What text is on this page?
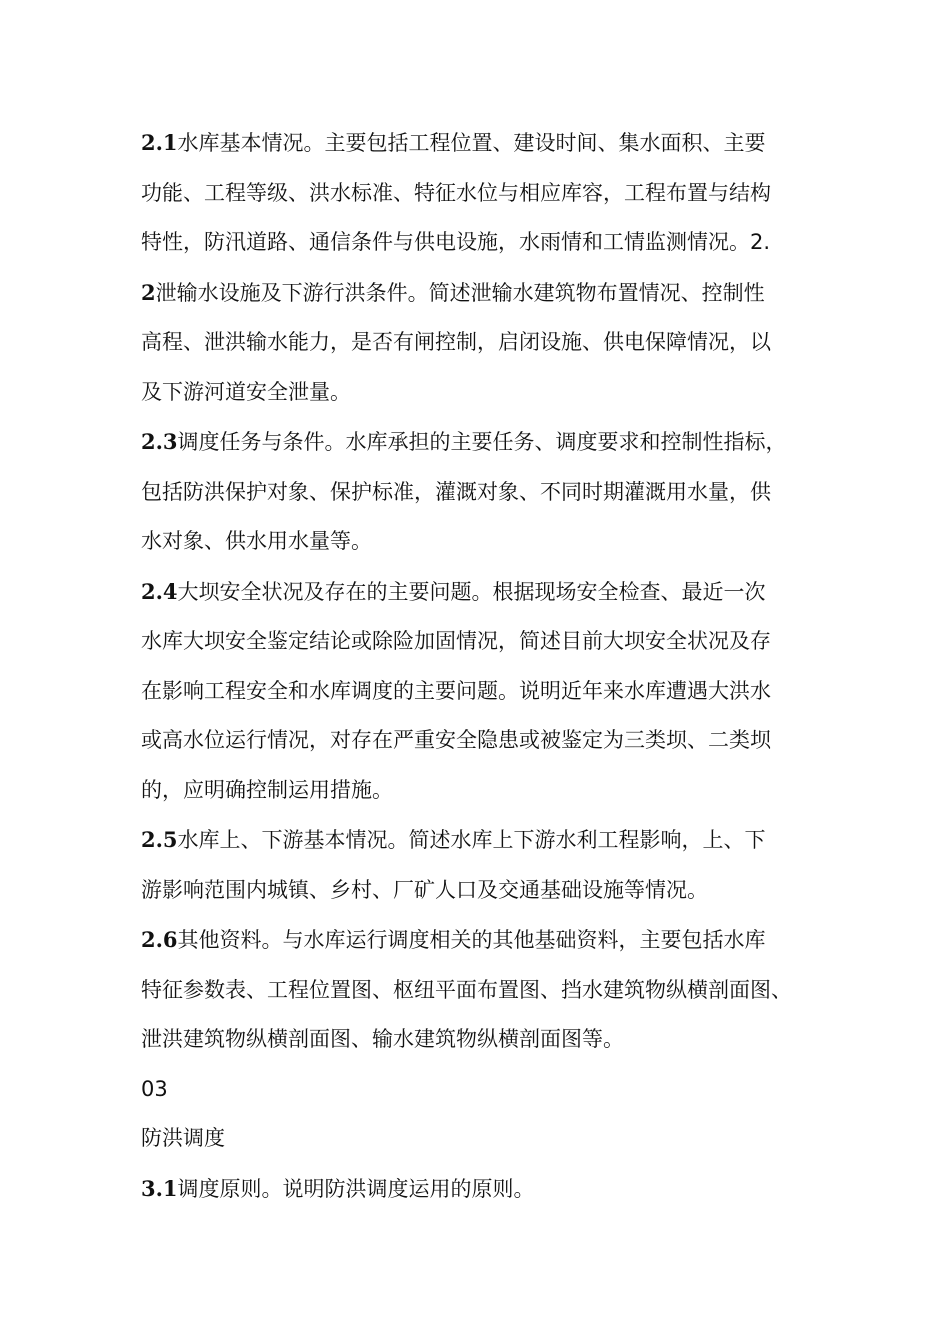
2.1水库基本情况。主要包括工程位置、建设时间、集水面积、主要
功能、工程等级、洪水标准、特征水位与相应库容，工程布置与结构
特性，防汛道路、通信条件与供电设施，水雨情和工情监测情况。2.
2泄输水设施及下游行洪条件。简述泄输水建筑物布置情况、控制性
高程、泄洪输水能力，是否有闸控制，启闭设施、供电保障情况，以
及下游河道安全泄量。
2.3调度任务与条件。水库承担的主要任务、调度要求和控制性指标，
包括防洪保护对象、保护标准，灌溉对象、不同时期灌溉用水量，供
水对象、供水用水量等。
2.4大坝安全状况及存在的主要问题。根据现场安全检查、最近一次
水库大坝安全鉴定结论或除险加固情况，简述目前大坝安全状况及存
在影响工程安全和水库调度的主要问题。说明近年来水库遭遇大洪水
或高水位运行情况，对存在严重安全隐患或被鉴定为三类坝、二类坝
的，应明确控制运用措施。
2.5水库上、下游基本情况。简述水库上下游水利工程影响，上、下
游影响范围内城镇、乡村、厂矿人口及交通基础设施等情况。
2.6其他资料。与水库运行调度相关的其他基础资料，主要包括水库
特征参数表、工程位置图、枢纽平面布置图、挡水建筑物纵横剖面图、
泄洪建筑物纵横剖面图、输水建筑物纵横剖面图等。
03
防洪调度
3.1调度原则。说明防洪调度运用的原则。
